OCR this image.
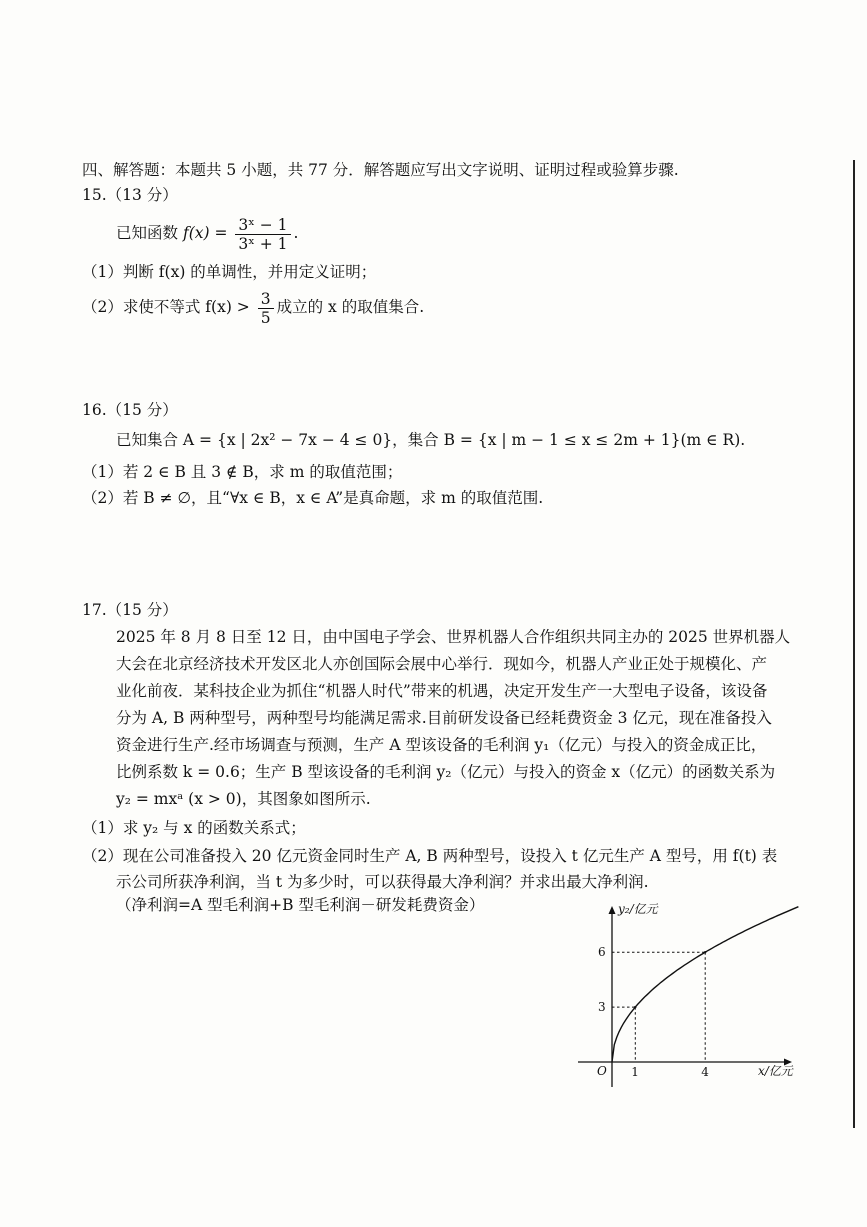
四、解答题：本题共 5 小题，共 77 分．解答题应写出文字说明、证明过程或验算步骤.
15.（13 分）
已知函数 $f(x) = \frac{\text{3ˣ − 1}}{\text{3ˣ + 1}}$ .
（1）判断 f(x) 的单调性，并用定义证明；
（2）求使不等式 $f(x) > \frac{3}{5}$ 成立的 x 的取值集合.
16.（15 分）
已知集合 A = {x | 2x² − 7x − 4 ≤ 0}，集合 B = {x | m − 1 ≤ x ≤ 2m + 1}(m ∈ R).
（1）若 2 ∈ B 且 3 ∉ B，求 m 的取值范围；
（2）若 B ≠ ∅，且“∀x ∈ B，x ∈ A”是真命题，求 m 的取值范围.
17.（15 分）
2025 年 8 月 8 日至 12 日，由中国电子学会、世界机器人合作组织共同主办的 2025 世界机器人
大会在北京经济技术开发区北人亦创国际会展中心举行．现如今，机器人产业正处于规模化、产
业化前夜．某科技企业为抓住“机器人时代”带来的机遇，决定开发生产一大型电子设备，该设备
分为 A, B 两种型号，两种型号均能满足需求.目前研发设备已经耗费资金 3 亿元，现在准备投入
资金进行生产.经市场调查与预测，生产 A 型该设备的毛利润 y₁（亿元）与投入的资金成正比，
比例系数 k = 0.6；生产 B 型该设备的毛利润 y₂（亿元）与投入的资金 x（亿元）的函数关系为
y₂ = mxᵃ (x > 0)，其图象如图所示.
（1）求 y₂ 与 x 的函数关系式；
（2）现在公司准备投入 20 亿元资金同时生产 A, B 两种型号，设投入 t 亿元生产 A 型号，用 f(t) 表
示公司所获净利润，当 t 为多少时，可以获得最大净利润？并求出最大净利润.
（净利润=A 型毛利润+B 型毛利润－研发耗费资金）	y₂/亿元
x/亿元
O 1
3
4
6
